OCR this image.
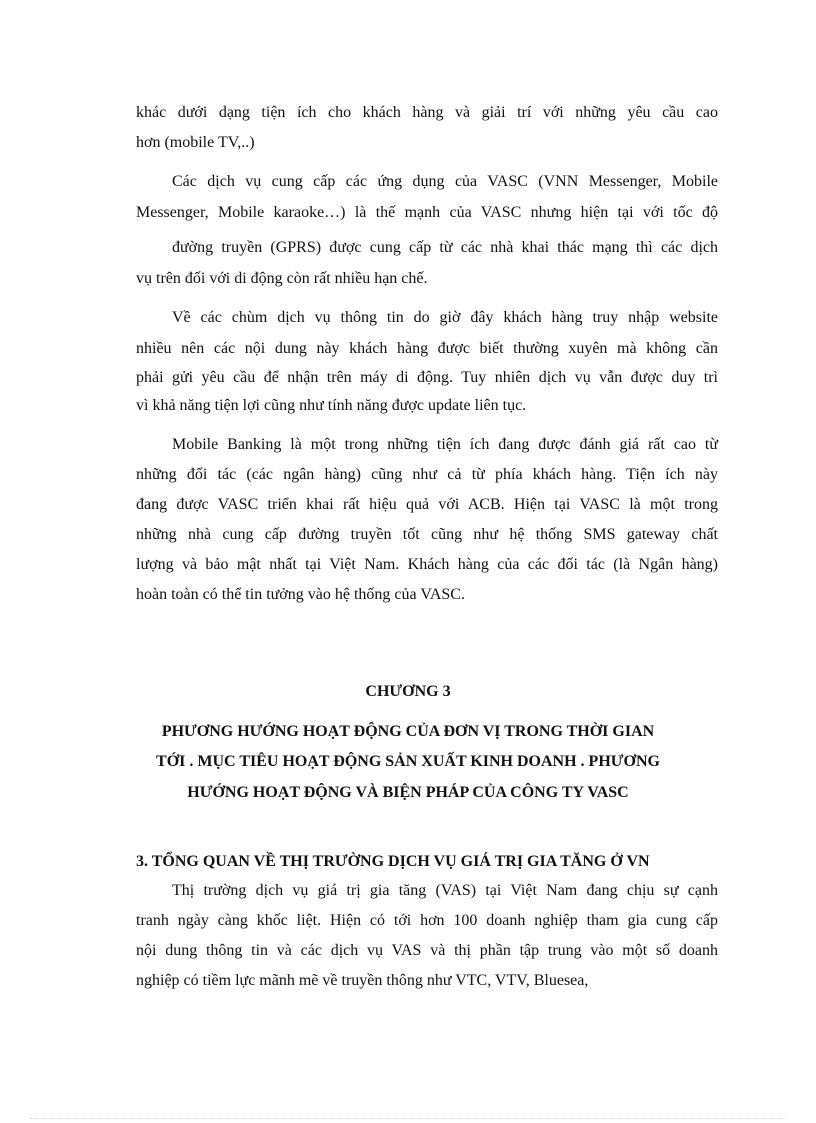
khác dưới dạng tiện ích cho khách hàng và giải trí với những yêu cầu cao
hơn (mobile TV,..)
Các dịch vụ cung cấp các ứng dụng của VASC (VNN Messenger, Mobile
Messenger, Mobile karaoke…) là thế mạnh của VASC nhưng hiện tại với tốc độ
đường truyền (GPRS) được cung cấp từ các nhà khai thác mạng thì các dịch
vụ trên đối với di động còn rất nhiều hạn chế.
Về các chùm dịch vụ thông tin do giờ đây khách hàng truy nhập website
nhiều nên các nội dung này khách hàng được biết thường xuyên mà không cần
phải gửi yêu cầu để nhận trên máy di động. Tuy nhiên dịch vụ vẫn được duy trì
vì khả năng tiện lợi cũng như tính năng được update liên tục.
Mobile Banking là một trong những tiện ích đang được đánh giá rất cao từ
những đối tác (các ngân hàng) cũng như cả từ phía khách hàng. Tiện ích này
đang được VASC triển khai rất hiệu quả với ACB. Hiện tại VASC là một trong
những nhà cung cấp đường truyền tốt cũng như hệ thống SMS gateway chất
lượng và bảo mật nhất tại Việt Nam. Khách hàng của các đối tác (là Ngân hàng)
hoàn toàn có thể tin tưởng vào hệ thống của VASC.
CHƯƠNG 3
PHƯƠNG HƯỚNG HOẠT ĐỘNG CỦA ĐƠN VỊ TRONG THỜI GIAN
TỚI . MỤC TIÊU HOẠT ĐỘNG SẢN XUẤT KINH DOANH . PHƯƠNG
HƯỚNG HOẠT ĐỘNG VÀ BIỆN PHÁP CỦA CÔNG TY VASC
3. TỔNG QUAN VỀ THỊ TRƯỜNG DỊCH VỤ GIÁ TRỊ GIA TĂNG Ở VN
Thị trường dịch vụ giá trị gia tăng (VAS) tại Việt Nam đang chịu sự cạnh
tranh ngày càng khốc liệt. Hiện có tới hơn 100 doanh nghiệp tham gia cung cấp
nội dung thông tin và các dịch vụ VAS và thị phần tập trung vào một số doanh
nghiệp có tiềm lực mãnh mẽ về truyền thông như VTC, VTV, Bluesea,
